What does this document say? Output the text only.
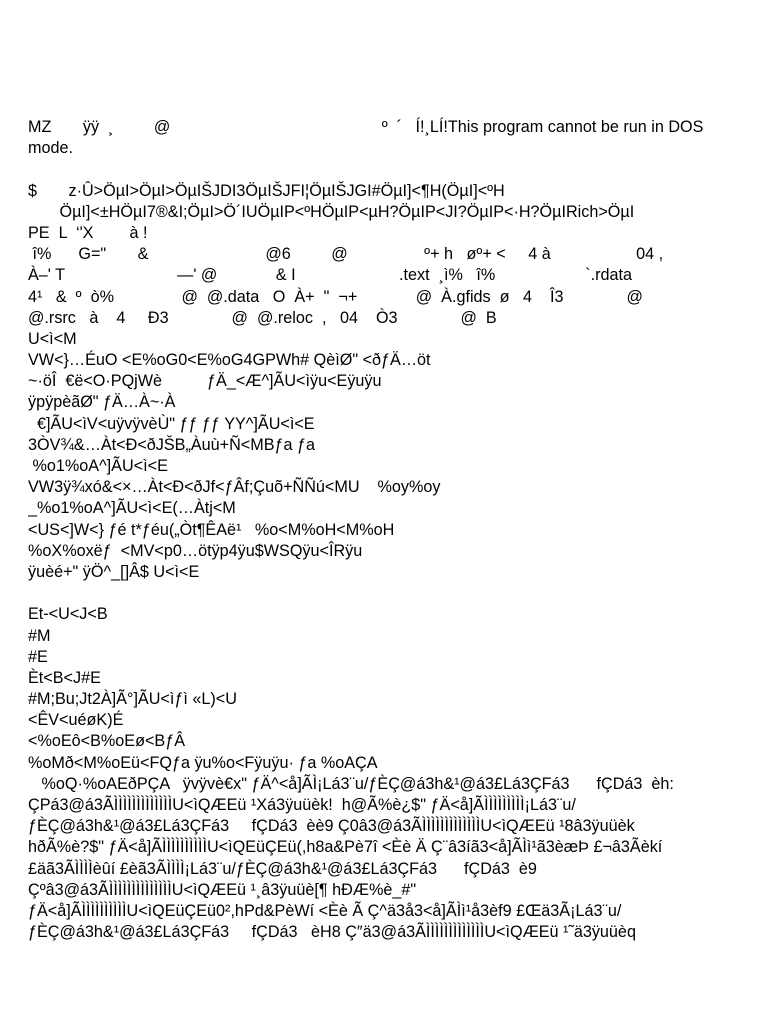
MZ       ÿÿ  ¸         @                                               º  ´   Í!¸LÍ!This program cannot be run in DOS
mode.
$       z·Û>ÖµI>ÖµI>ÖµIŠJDI3ÖµIŠJFI¦ÖµIŠJGI#ÖµI]<¶H(ÖµI]<ºH
ÖµI]<±HÖµI7®&I;ÖµI>Ö´IUÖµIP<ºHÖµIP<µH?ÖµIP<JI?ÖµIP<·H?ÖµIRich>ÖµI
PE  L  ‘'X        à !
î%      G="       &                          @6         @                 º+ h   øº+ <     4 à                   04 ,
À–' T                         —' @             & I                       .text  ¸ì%   î%                    `.rdata
4¹   &  º  ò%               @  @.data   O  À+  "  ¬+             @  À.gfids  ø   4    Î3              @
@.rsrc   à    4     Ð3              @  @.reloc  ,   04    Ò3              @  B
U<ì<M
VW<}…ÉuO <E%oG0<E%oG4GPWh# QèìØ" <ðƒÄ…öt
~·öÎ  €ë<O·PQjWè          ƒÄ_<Æ^]ÃU<ìÿu<Eÿuÿu
ÿpÿpèãØ" ƒÄ…À~·À
€]ÃU<ìV<uÿvÿvèÙ" ƒƒ ƒƒ YY^]ÃU<ì<E
3ÒV¾&…Àt<Ð<ðJŠB„Àuù+Ñ<MBƒa ƒa
%o1%oA^]ÃU<ì<E
VW3ÿ¾xó&<×…Àt<Ð<ðJf<ƒÂf;Çuõ+ÑÑú<MU    %oy%oy
_%o1%oA^]ÃU<ì<E(…Àtj<M
<US<]W<} ƒé t*ƒéu(„Òt¶ÊAë¹   %o<M%oH<M%oH
%oX%oxëƒ  <MV<p0…ötÿp4ÿu$WSQÿu<ÎRÿu
ÿuèé+" ÿÖ^_[]Â$ U<ì<E
Et-<U<J<B
#M
#E
Èt<B<J#E
#M;Bu;Jt2À]Ã°]ÃU<ìƒì «L)<U
<ÊV<uéøK)É
<%oEô<B%oEø<BƒÂ
%oMð<M%oEü<FQƒa ÿu%o<Fÿuÿu· ƒa %oAÇA
%oQ·%oAEðPÇA   ÿvÿvè€x" ƒÄ^<å]ÃÌ¡Lá3¨u/ƒÈÇ@á3h&¹@á3£Lá3ÇFá3      fÇDá3  èh:
ÇPá3@á3ÃÌÌÌÌÌÌÌÌÌÌÌÌÌU<ìQÆEü ¹Xá3ÿuüèk!  h@Ã%è¿$" ƒÄ<å]ÃÌÌÌÌÌÌÌÌÌ¡Lá3¨u/
ƒÈÇ@á3h&¹@á3£Lá3ÇFá3     fÇDá3  èè9 Ç0â3@á3ÃÌÌÌÌÌÌÌÌÌÌÌÌÌU<ìQÆEü ¹8â3ÿuüèk
hðÃ%è?$" ƒÄ<å]ÃÌÌÌÌÌÌÌÌÌÌU<ìQEüÇEü(,h8a&Pè7î <Èè Ä Ç¨â3íã3<å]ÃÌì¹ã3èæÞ £¬â3Ãèkí
£äã3ÃÌÌÌÌèûí £èã3ÃÌÌÌÌ¡Lá3¨u/ƒÈÇ@á3h&¹@á3£Lá3ÇFá3      fÇDá3  è9
Çºâ3@á3ÃÌÌÌÌÌÌÌÌÌÌÌÌÌÌU<ìQÆEü ¹¸â3ÿuüè[¶ hÐÆ%è_#"
ƒÄ<å]ÃÌÌÌÌÌÌÌÌÌÌU<ìQEüÇEü0²,hPd&PèWí <Èè Ã Ç^ä3å3<å]ÃÌì¹å3èf9 £Œä3Ã¡Lá3¨u/
ƒÈÇ@á3h&¹@á3£Lá3ÇFá3     fÇDá3   èH8 Ç″ä3@á3ÃÌÌÌÌÌÌÌÌÌÌÌÌÌU<ìQÆEü ¹˜ä3ÿuüèq
